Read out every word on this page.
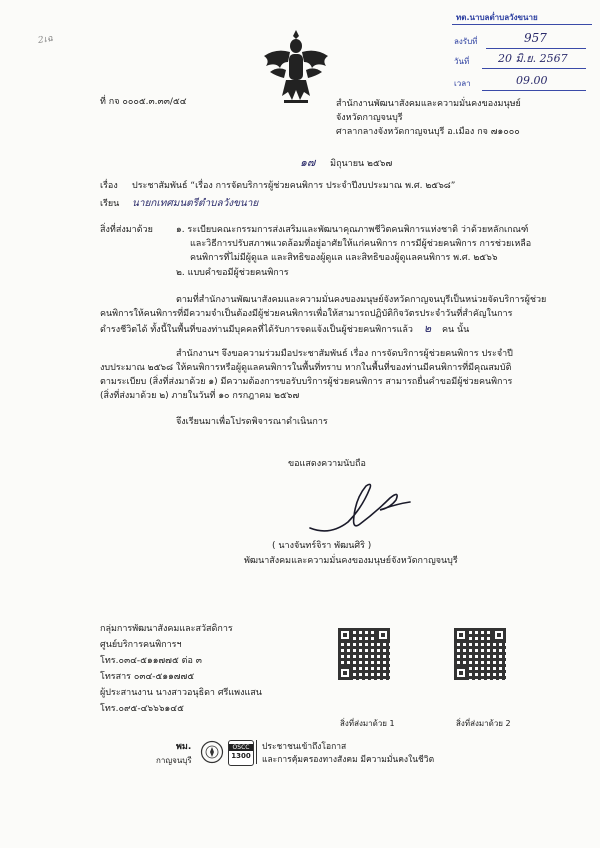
2เฉ
ทต.นาบลต่ำบลวังขนาย
ลงรับที่	957
วันที่	20 มิ.ย. 2567
เวลา	09.00
ที่ กจ ๐๐๐๕.๓.๓๓/๕๔	สำนักงานพัฒนาสังคมและความมั่นคงของมนุษย์
จังหวัดกาญจนบุรี
ศาลากลางจังหวัดกาญจนบุรี อ.เมือง กจ ๗๑๐๐๐
๑๗ มิถุนายน ๒๕๖๗
เรื่อง ประชาสัมพันธ์ “เรื่อง การจัดบริการผู้ช่วยคนพิการ ประจำปีงบประมาณ พ.ศ. ๒๕๖๘”
เรียน นายกเทศมนตรีตำบลวังขนาย
สิ่งที่ส่งมาด้วย	๑. ระเบียบคณะกรรมการส่งเสริมและพัฒนาคุณภาพชีวิตคนพิการแห่งชาติ ว่าด้วยหลักเกณฑ์
และวิธีการปรับสภาพแวดล้อมที่อยู่อาศัยให้แก่คนพิการ การมีผู้ช่วยคนพิการ การช่วยเหลือ
คนพิการที่ไม่มีผู้ดูแล และสิทธิของผู้ดูแล และสิทธิของผู้ดูแลคนพิการ พ.ศ. ๒๕๖๖
๒. แบบคำขอมีผู้ช่วยคนพิการ
ตามที่สำนักงานพัฒนาสังคมและความมั่นคงของมนุษย์จังหวัดกาญจนบุรีเป็นหน่วยจัดบริการผู้ช่วย
คนพิการให้คนพิการที่มีความจำเป็นต้องมีผู้ช่วยคนพิการเพื่อให้สามารถปฏิบัติกิจวัตรประจำวันที่สำคัญในการ
ดำรงชีวิตได้ ทั้งนี้ในพื้นที่ของท่านมีบุคคลที่ได้รับการจดแจ้งเป็นผู้ช่วยคนพิการแล้ว ๒ คน นั้น
สำนักงานฯ จึงขอความร่วมมือประชาสัมพันธ์ เรื่อง การจัดบริการผู้ช่วยคนพิการ ประจำปี
งบประมาณ ๒๕๖๘ ให้คนพิการหรือผู้ดูแลคนพิการในพื้นที่ทราบ หากในพื้นที่ของท่านมีคนพิการที่มีคุณสมบัติ
ตามระเบียบ (สิ่งที่ส่งมาด้วย ๑) มีความต้องการขอรับบริการผู้ช่วยคนพิการ สามารถยื่นคำขอมีผู้ช่วยคนพิการ
(สิ่งที่ส่งมาด้วย ๒) ภายในวันที่ ๑๐ กรกฎาคม ๒๕๖๗
จึงเรียนมาเพื่อโปรดพิจารณาดำเนินการ
ขอแสดงความนับถือ
( นางจันทร์จิรา พัฒนศิริ )
พัฒนาสังคมและความมั่นคงของมนุษย์จังหวัดกาญจนบุรี
กลุ่มการพัฒนาสังคมและสวัสดิการ
ศูนย์บริการคนพิการฯ
โทร.๐๓๔-๕๑๑๗๗๕ ต่อ ๓
โทรสาร ๐๓๔-๕๑๑๗๗๕
ผู้ประสานงาน นางสาวอนุธิดา ศรีแพงแสน
โทร.๐๙๕-๔๖๖๖๑๔๕
สิ่งที่ส่งมาด้วย 1	สิ่งที่ส่งมาด้วย 2
พม.
กาญจนบุรี
OSCC
1300
ประชาชนเข้าถึงโอกาส
และการคุ้มครองทางสังคม มีความมั่นคงในชีวิต
